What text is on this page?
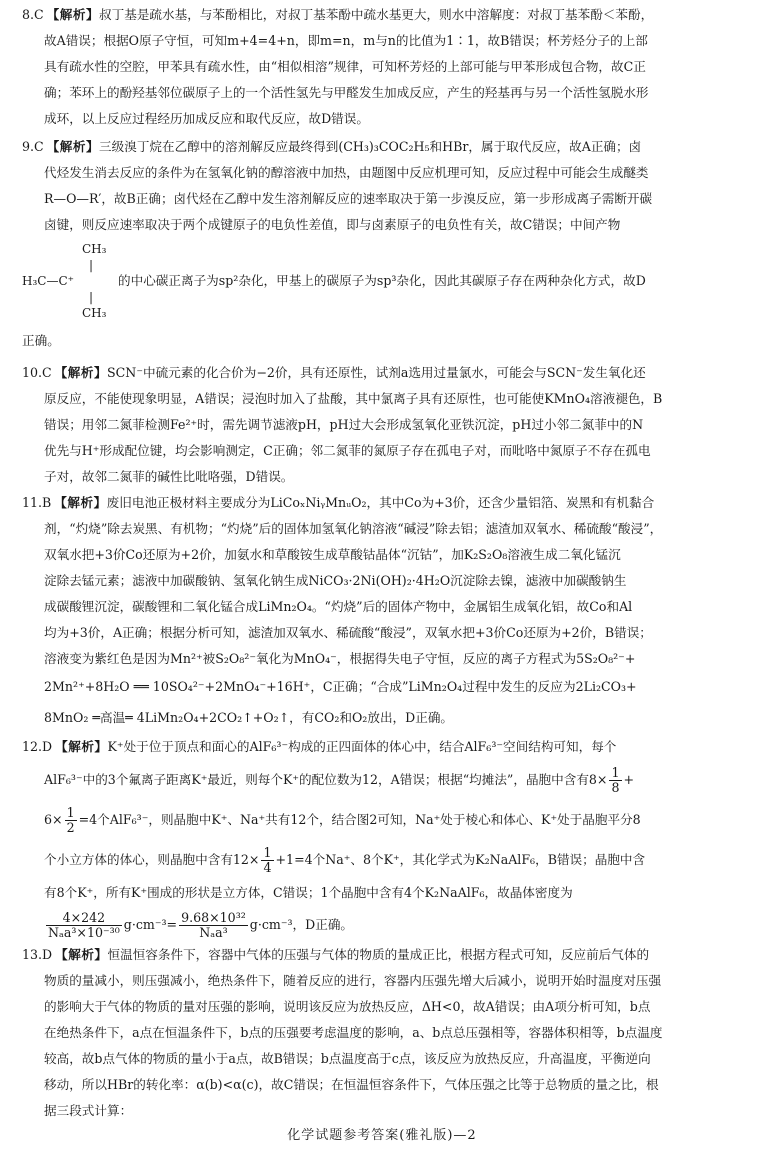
8.C 【 解析 】 叔丁基是疏水基，与苯酚相比，对叔丁基苯酚中疏水基更大，则水中溶解度：对叔丁基苯酚＜苯酚，

故A错误；根据O原子守恒，可知m+4=4+n，即m=n，m与n的比值为1∶1，故B错误；杯芳烃分子的上部

具有疏水性的空腔，甲苯具有疏水性，由“相似相溶”规律，可知杯芳烃的上部可能与甲苯形成包合物，故C正

确；苯环上的酚羟基邻位碳原子上的一个活性氢先与甲醛发生加成反应，产生的羟基再与另一个活性氢脱水形

成环，以上反应过程经历加成反应和取代反应，故D错误。

9.C 【 解析 】 三级溴丁烷在乙醇中的溶剂解反应最终得到(CH₃)₃COC₂H₅和HBr，属于取代反应，故A正确；卤

代烃发生消去反应的条件为在氢氧化钠的醇溶液中加热，由题图中反应机理可知，反应过程中可能会生成醚类

R—O—R′，故B正确；卤代烃在乙醇中发生溶剂解反应的速率取决于第一步溴反应，第一步形成离子需断开碳

卤键，则反应速率取决于两个成键原子的电负性差值，即与卤素原子的电负性有关，故C错误；中间产物

CH₃
|
H₃C—C⁺
|
CH₃

的中心碳正离子为sp²杂化，甲基上的碳原子为sp³杂化，因此其碳原子存在两种杂化方式，故D

正确。

10.C 【 解析 】 SCN⁻中硫元素的化合价为−2价，具有还原性，试剂a选用过量氯水，可能会与SCN⁻发生氧化还

原反应，不能使现象明显，A错误；浸泡时加入了盐酸，其中氯离子具有还原性，也可能使KMnO₄溶液褪色，B

错误；用邻二氮菲检测Fe²⁺时，需先调节滤液pH，pH过大会形成氢氧化亚铁沉淀，pH过小邻二氮菲中的N

优先与H⁺形成配位键，均会影响测定，C正确；邻二氮菲的氮原子存在孤电子对，而吡咯中氮原子不存在孤电

子对，故邻二氮菲的碱性比吡咯强，D错误。

11.B 【 解析 】 废旧电池正极材料主要成分为LiCoₓNiᵧMnᵤO₂，其中Co为+3价，还含少量铝箔、炭黑和有机黏合

剂，“灼烧”除去炭黑、有机物；“灼烧”后的固体加氢氧化钠溶液“碱浸”除去铝；滤渣加双氧水、稀硫酸“酸浸”，

双氧水把+3价Co还原为+2价，加氨水和草酸铵生成草酸钴晶体“沉钴”，加K₂S₂O₈溶液生成二氧化锰沉

淀除去锰元素；滤液中加碳酸钠、氢氧化钠生成NiCO₃·2Ni(OH)₂·4H₂O沉淀除去镍，滤液中加碳酸钠生

成碳酸锂沉淀，碳酸锂和二氧化锰合成LiMn₂O₄。“灼烧”后的固体产物中，金属铝生成氧化铝，故Co和Al

均为+3价，A正确；根据分析可知，滤渣加双氧水、稀硫酸“酸浸”，双氧水把+3价Co还原为+2价，B错误；

溶液变为紫红色是因为Mn²⁺被S₂O₈²⁻氧化为MnO₄⁻，根据得失电子守恒，反应的离子方程式为5S₂O₈²⁻+

2Mn²⁺+8H₂O ══ 10SO₄²⁻+2MnO₄⁻+16H⁺，C正确；“合成”LiMn₂O₄过程中发生的反应为2Li₂CO₃+

8MnO₂ ═高温═ 4LiMn₂O₄+2CO₂↑+O₂↑，有CO₂和O₂放出，D正确。

12.D 【 解析 】 K⁺处于位于顶点和面心的AlF₆³⁻构成的正四面体的体心中，结合AlF₆³⁻空间结构可知，每个

AlF₆³⁻中的3个氟离子距离K⁺最近，则每个K⁺的配位数为12，A错误；根据“均摊法”，晶胞中含有$8\times \frac{1}{8}$ +

$6\times \frac{1}{2} =4$个AlF₆³⁻，则晶胞中K⁺、Na⁺共有12个，结合图2可知，Na⁺处于棱心和体心、K⁺处于晶胞平分8

个小立方体的体心，则晶胞中含有$12\times \frac{1}{4} +1=4$个Na⁺、8个K⁺，其化学式为K₂NaAlF₆，B错误；晶胞中含

有8个K⁺，所有K⁺围成的形状是立方体，C错误；1个晶胞中含有4个K₂NaAlF₆，故晶体密度为

$\frac{4\times 242}{\text{Nₐa³×10⁻³⁰}} g\cdot cm^{-3}= \frac{\text{9.68×10³²}}{\text{Nₐa³}} g\cdot cm^{-3}$，D正确。

13.D 【 解析 】 恒温恒容条件下，容器中气体的压强与气体的物质的量成正比，根据方程式可知，反应前后气体的

物质的量减小，则压强减小，绝热条件下，随着反应的进行，容器内压强先增大后减小，说明开始时温度对压强

的影响大于气体的物质的量对压强的影响，说明该反应为放热反应，ΔH<0，故A错误；由A项分析可知，b点

在绝热条件下，a点在恒温条件下，b点的压强要考虑温度的影响，a、b点总压强相等，容器体积相等，b点温度

较高，故b点气体的物质的量小于a点，故B错误；b点温度高于c点，该反应为放热反应，升高温度，平衡逆向

移动，所以HBr的转化率：α(b)<α(c)，故C错误；在恒温恒容条件下，气体压强之比等于总物质的量之比，根

据三段式计算：

化学试题参考答案(雅礼版)—2
